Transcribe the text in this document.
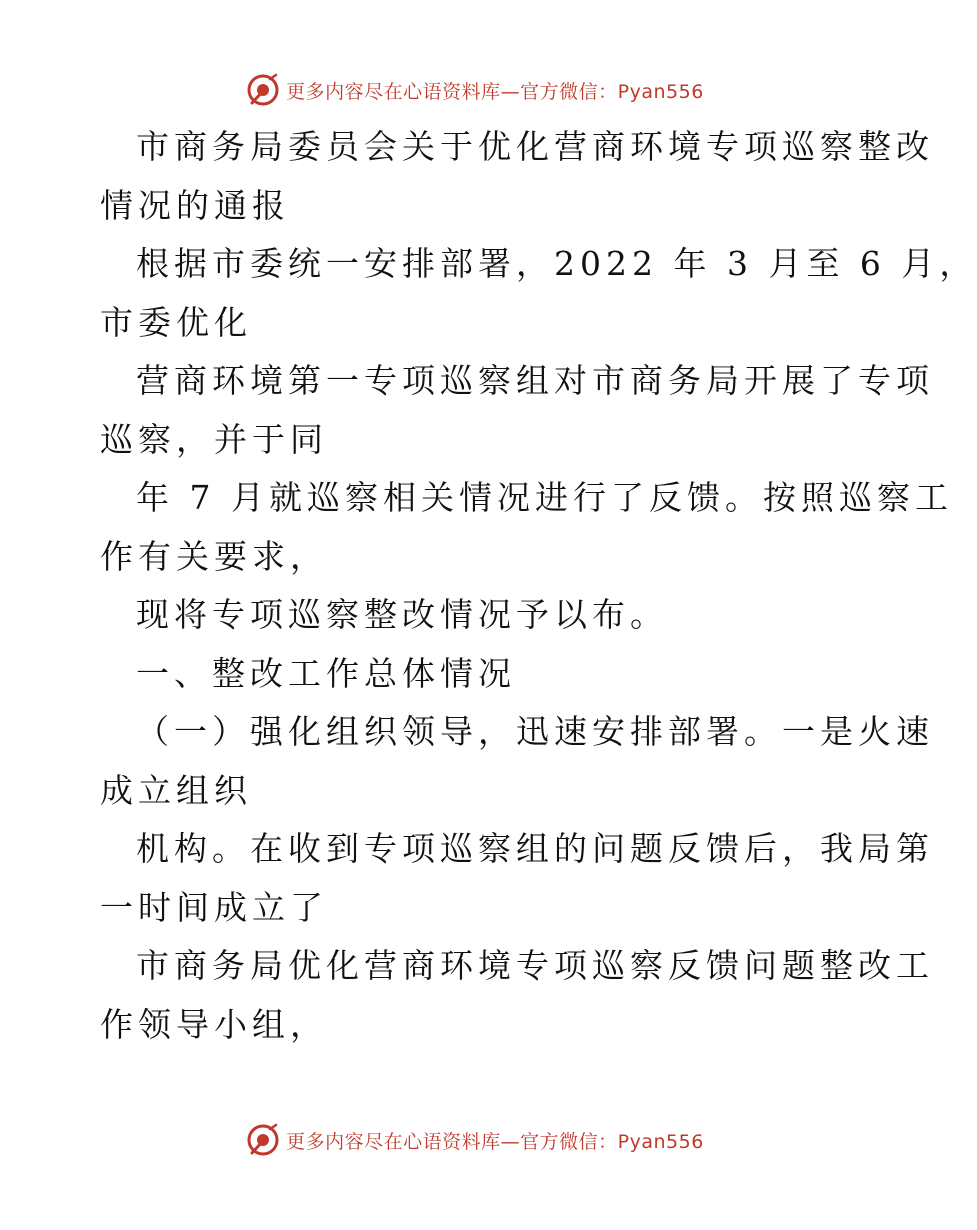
更多内容尽在心语资料库—官方微信：Pyan556
市商务局委员会关于优化营商环境专项巡察整改
情况的通报
根据市委统一安排部署，2022 年 3 月至 6 月，
市委优化
营商环境第一专项巡察组对市商务局开展了专项
巡察，并于同
年 7 月就巡察相关情况进行了反馈。按照巡察工
作有关要求，
现将专项巡察整改情况予以布。
一、整改工作总体情况
（一）强化组织领导，迅速安排部署。一是火速
成立组织
机构。在收到专项巡察组的问题反馈后，我局第
一时间成立了
市商务局优化营商环境专项巡察反馈问题整改工
作领导小组，
更多内容尽在心语资料库—官方微信：Pyan556
